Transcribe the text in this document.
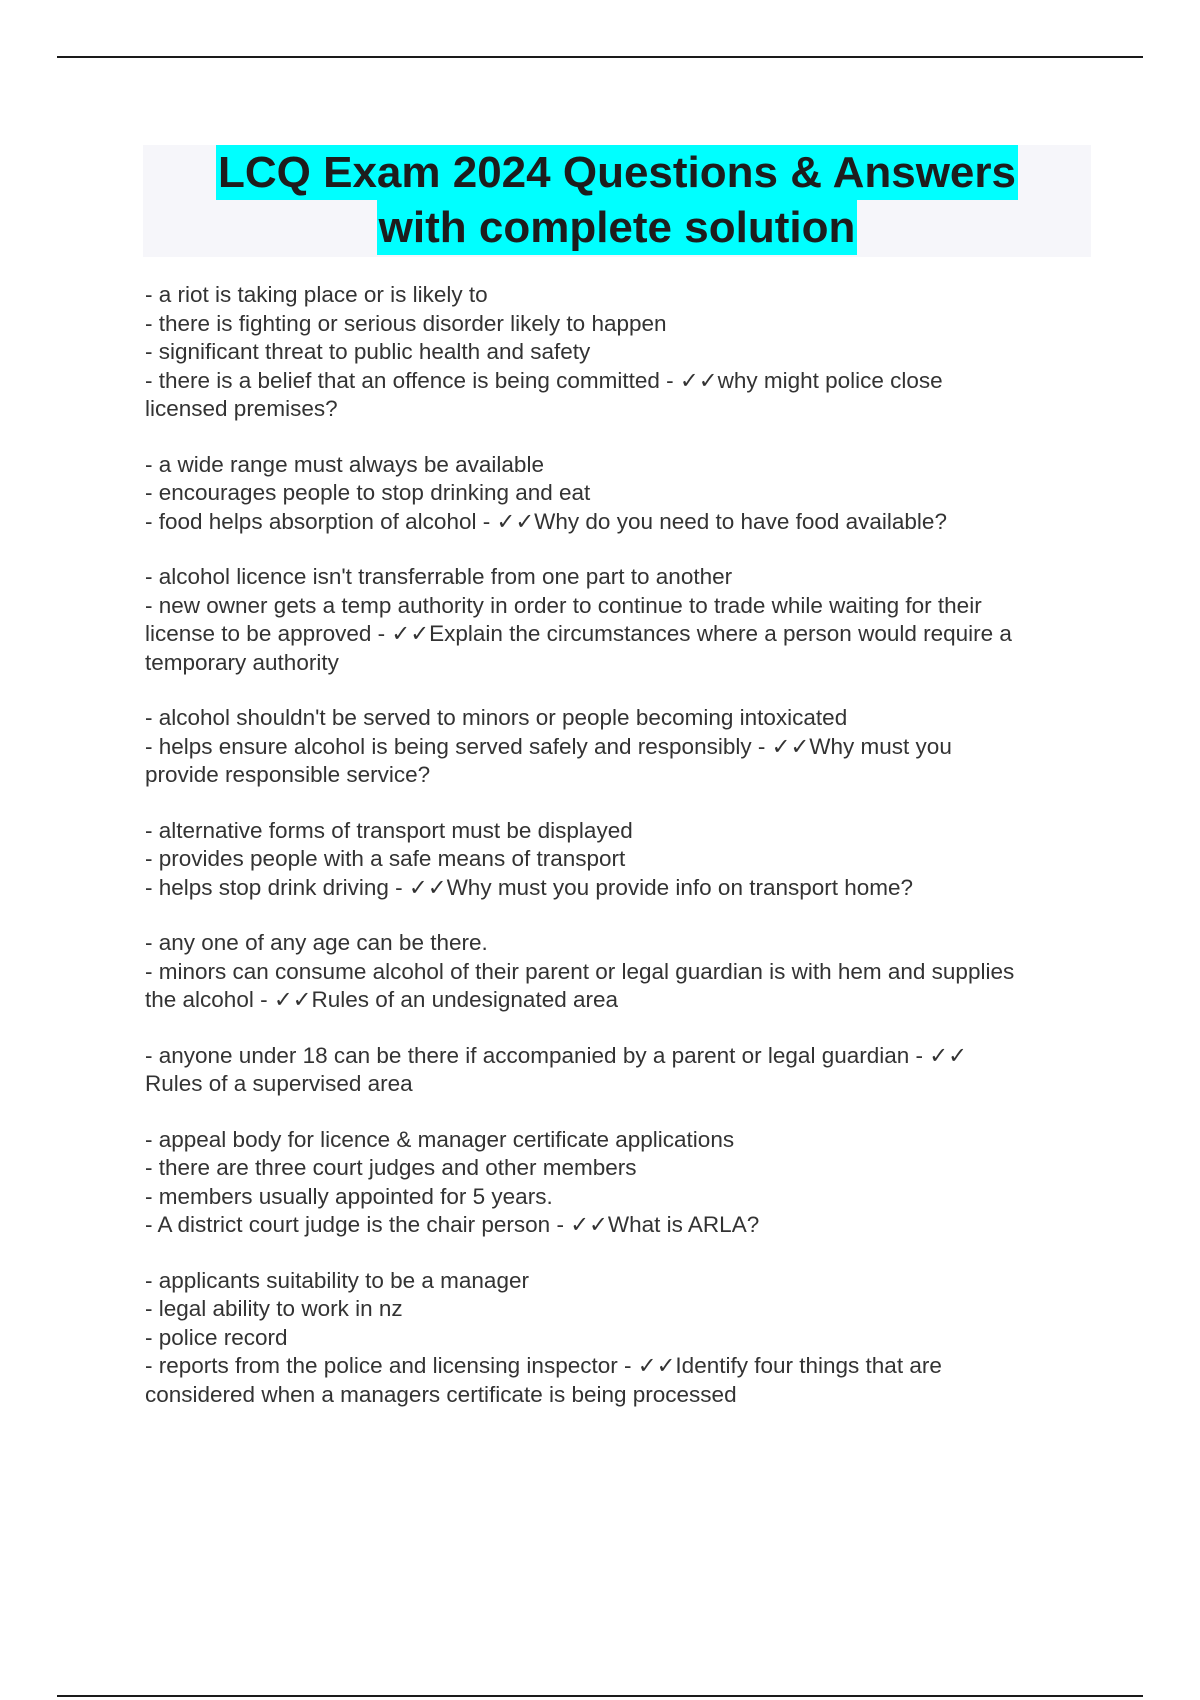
LCQ Exam 2024 Questions & Answers
with complete solution

- a riot is taking place or is likely to
- there is fighting or serious disorder likely to happen
- significant threat to public health and safety
- there is a belief that an offence is being committed - ✓✓why might police close
licensed premises?

- a wide range must always be available
- encourages people to stop drinking and eat
- food helps absorption of alcohol - ✓✓Why do you need to have food available?

- alcohol licence isn't transferrable from one part to another
- new owner gets a temp authority in order to continue to trade while waiting for their
license to be approved - ✓✓Explain the circumstances where a person would require a
temporary authority

- alcohol shouldn't be served to minors or people becoming intoxicated
- helps ensure alcohol is being served safely and responsibly - ✓✓Why must you
provide responsible service?

- alternative forms of transport must be displayed
- provides people with a safe means of transport
- helps stop drink driving - ✓✓Why must you provide info on transport home?

- any one of any age can be there.
- minors can consume alcohol of their parent or legal guardian is with hem and supplies
the alcohol - ✓✓Rules of an undesignated area

- anyone under 18 can be there if accompanied by a parent or legal guardian - ✓✓
Rules of a supervised area

- appeal body for licence & manager certificate applications
- there are three court judges and other members
- members usually appointed for 5 years.
- A district court judge is the chair person - ✓✓What is ARLA?

- applicants suitability to be a manager
- legal ability to work in nz
- police record
- reports from the police and licensing inspector - ✓✓Identify four things that are
considered when a managers certificate is being processed
